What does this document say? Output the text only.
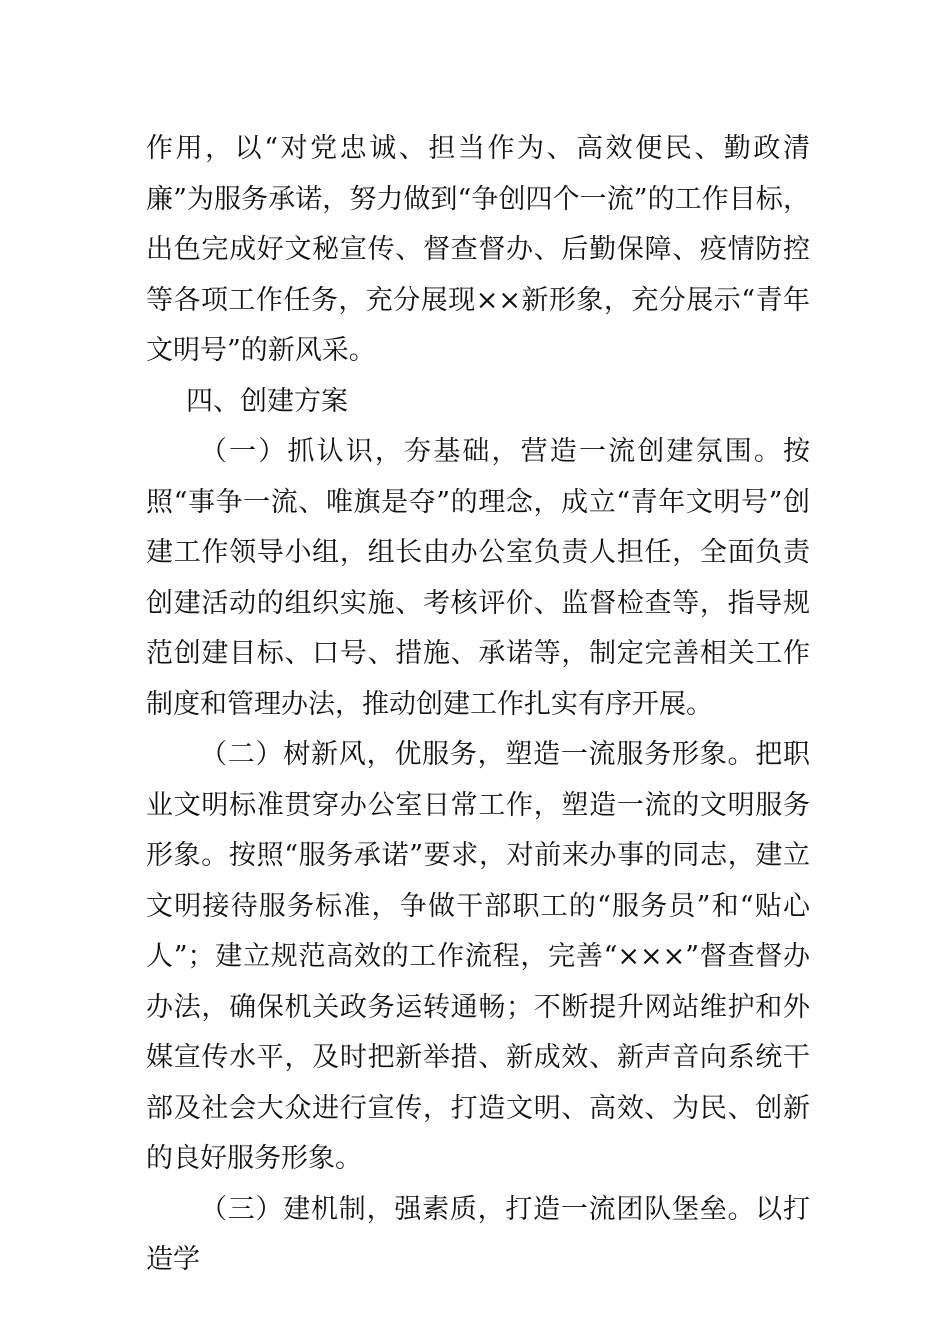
作用，以“对党忠诚、担当作为、高效便民、勤政清廉”为服务承诺，努力做到“争创四个一流”的工作目标，出色完成好文秘宣传、督查督办、后勤保障、疫情防控等各项工作任务，充分展现××新形象，充分展示“青年文明号”的新风采。

四、创建方案

（一）抓认识，夯基础，营造一流创建氛围。按照“事争一流、唯旗是夺”的理念，成立“青年文明号”创建工作领导小组，组长由办公室负责人担任，全面负责创建活动的组织实施、考核评价、监督检查等，指导规范创建目标、口号、措施、承诺等，制定完善相关工作制度和管理办法，推动创建工作扎实有序开展。

（二）树新风，优服务，塑造一流服务形象。把职业文明标准贯穿办公室日常工作，塑造一流的文明服务形象。按照“服务承诺”要求，对前来办事的同志，建立文明接待服务标准，争做干部职工的“服务员”和“贴心人”；建立规范高效的工作流程，完善“×××”督查督办办法，确保机关政务运转通畅；不断提升网站维护和外媒宣传水平，及时把新举措、新成效、新声音向系统干部及社会大众进行宣传，打造文明、高效、为民、创新的良好服务形象。

（三）建机制，强素质，打造一流团队堡垒。以打造学
